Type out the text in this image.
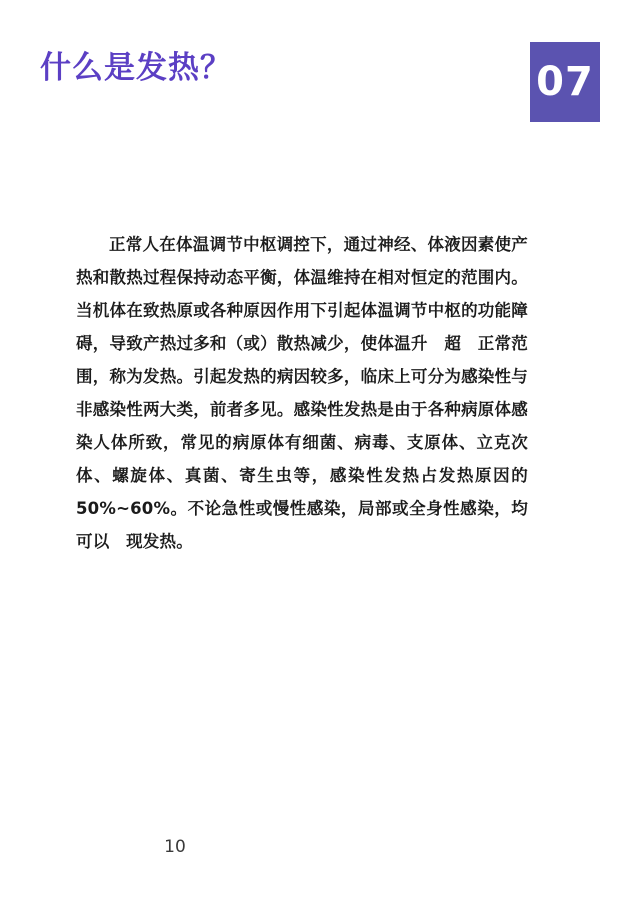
什么是发热？	07

正常人在体温调节中枢调控下，通过神经、体液因素使产热和散热过程保持动态平衡，体温维持在相对恒定的范围内。当机体在致热原或各种原因作用下引起体温调节中枢的功能障碍，导致产热过多和（或）散热减少，使体温升　超　正常范围，称为发热。引起发热的病因较多，临床上可分为感染性与非感染性两大类，前者多见。感染性发热是由于各种病原体感染人体所致，常见的病原体有细菌、病毒、支原体、立克次体、螺旋体、真菌、寄生虫等，感染性发热占发热原因的 50%~60%。不论急性或慢性感染，局部或全身性感染，均可以　现发热。

10
